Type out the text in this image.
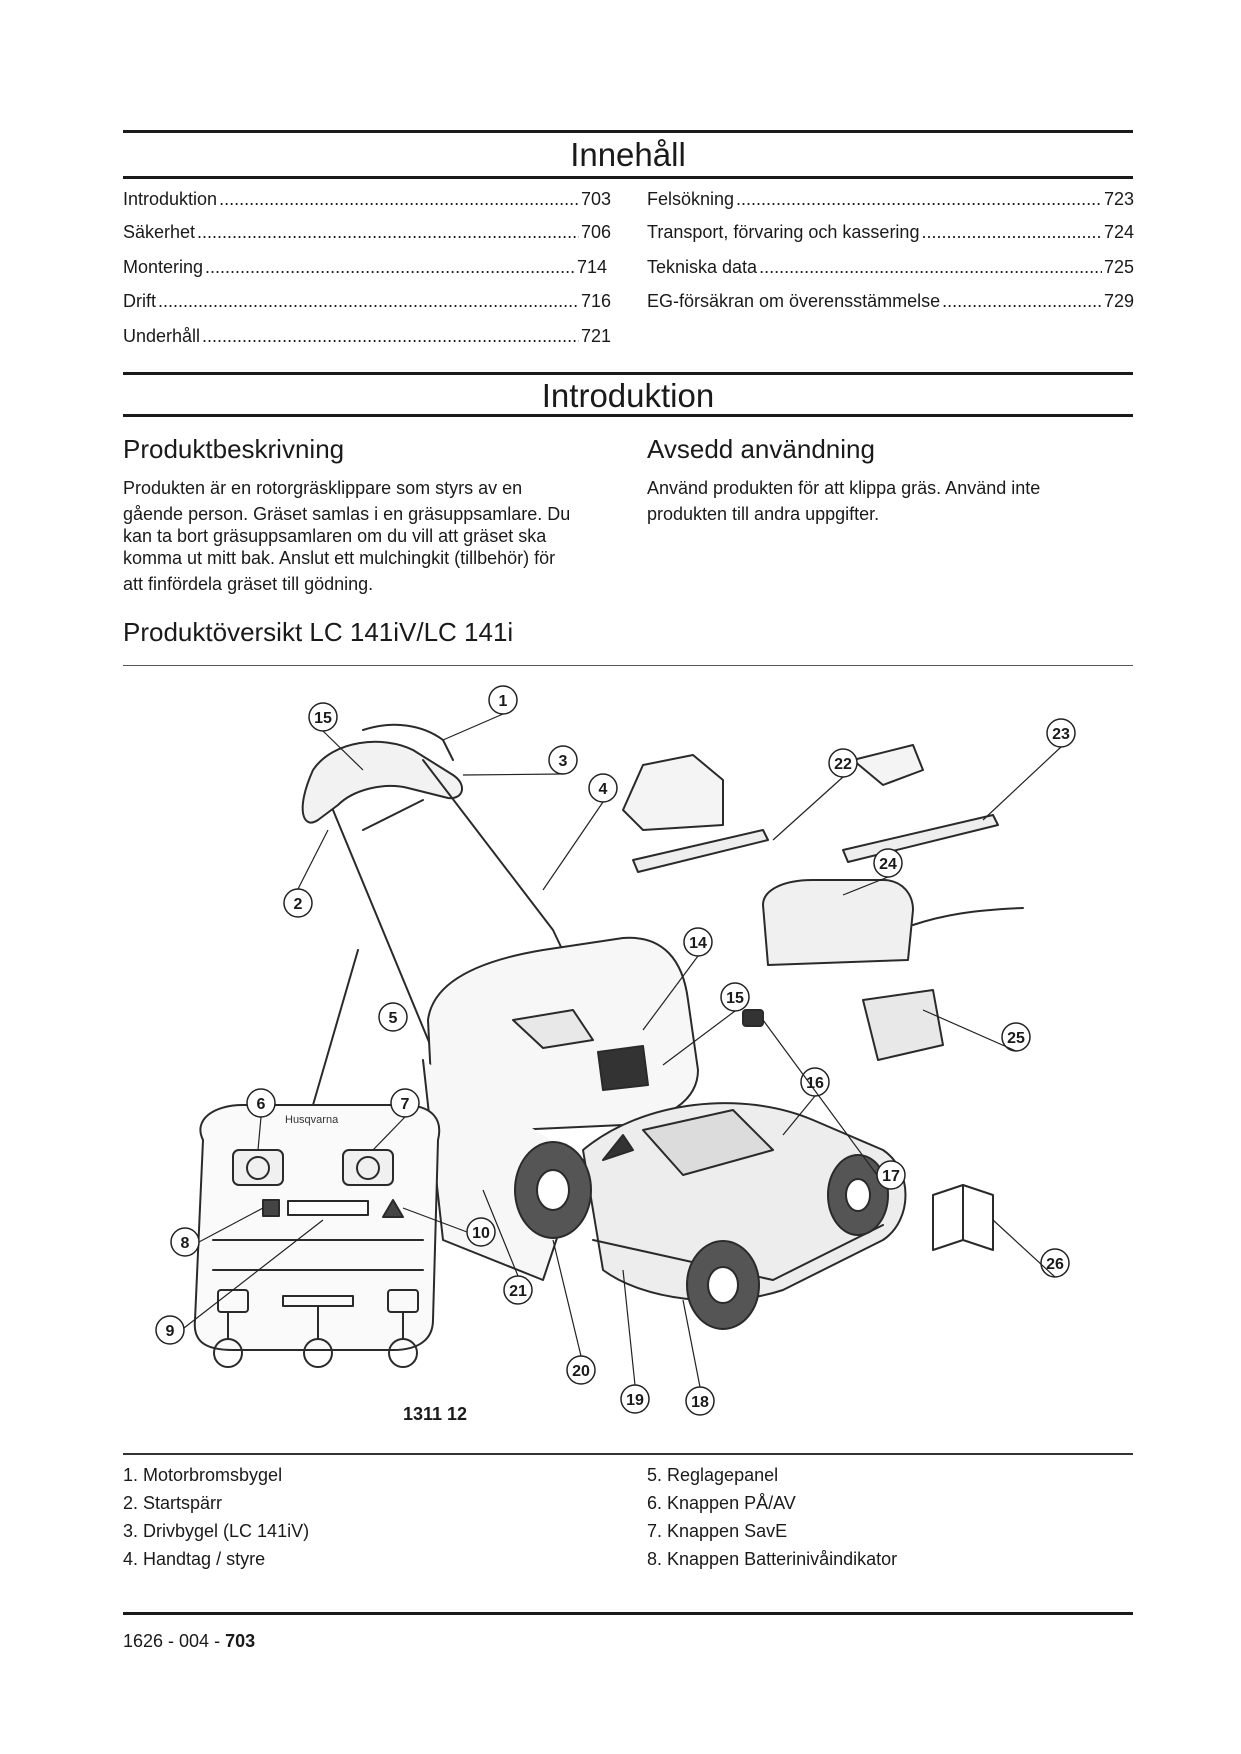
Innehåll
Introduktion .....	703
Säkerhet .....	706
Montering .....	714
Drift .....	716
Underhåll .....	721
Felsökning .....	723
Transport, förvaring och kassering .....	724
Tekniska data .....	725
EG-försäkran om överensstämmelse .....	729
Introduktion
Produktbeskrivning

Produkten är en rotorgräsklippare som styrs av en

gående person. Gräset samlas i en gräsuppsamlare. Du

kan ta bort gräsuppsamlaren om du vill att gräset ska

komma ut mitt bak. Anslut ett mulchingkit (tillbehör) för

att finfördela gräset till gödning.

Avsedd användning

Använd produkten för att klippa gräs. Använd inte

produkten till andra uppgifter.

Produktöversikt LC 141iV/LC 141i
Husqvarna
1
2
3
4
5
6	7
8
9
10
14
15
15
16
17
18
19
20
21
22
23
24
25
26
1311 12
1. Motorbromsbygel
2. Startspärr
3. Drivbygel (LC 141iV)
4. Handtag / styre
5. Reglagepanel
6. Knappen PÅ/AV
7. Knappen SavE
8. Knappen Batterinivåindikator
1626 - 004 - 703
